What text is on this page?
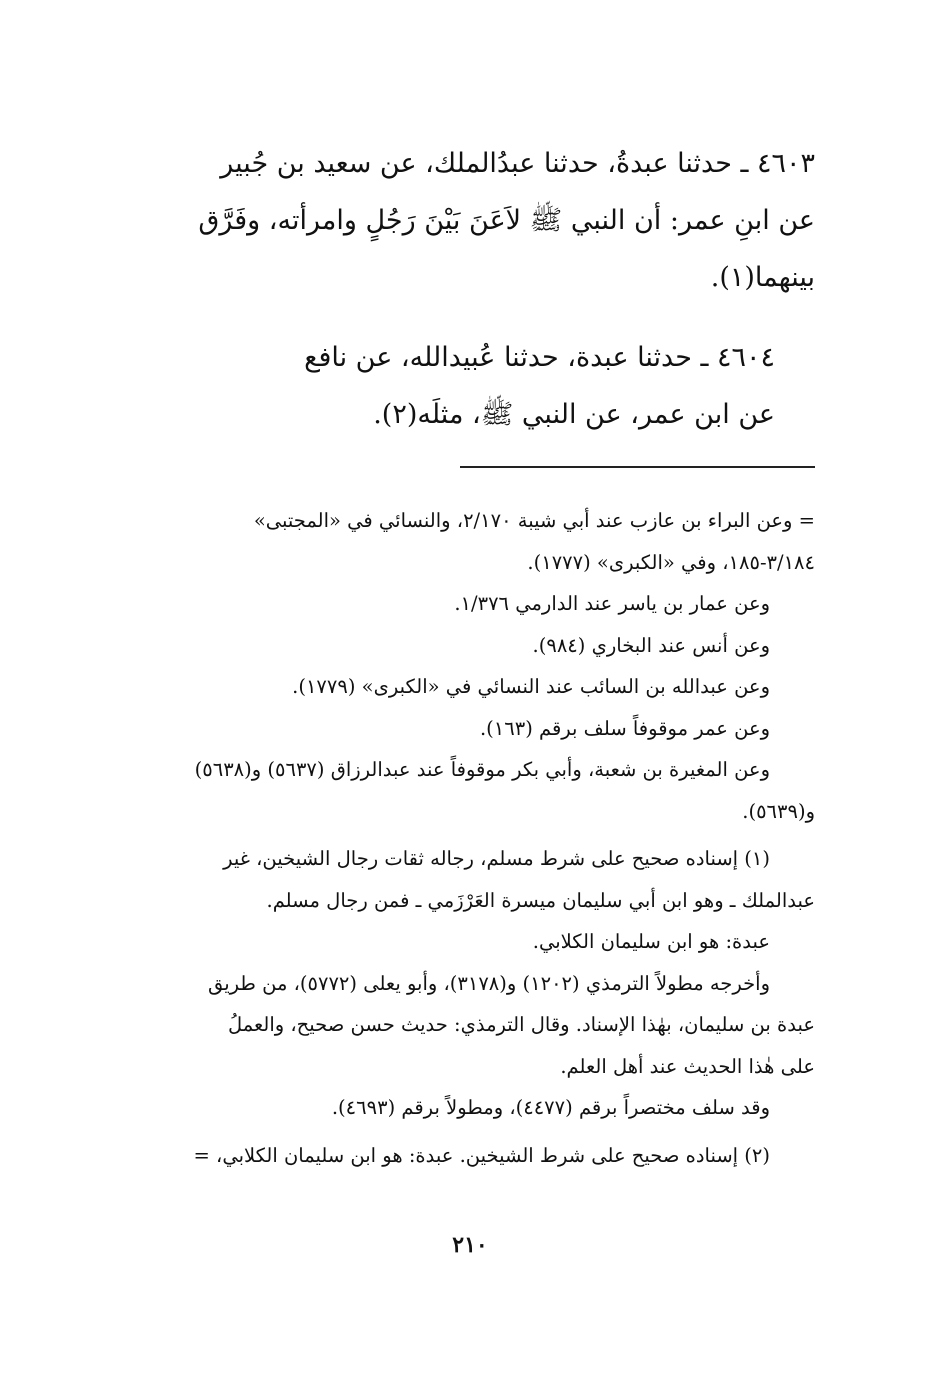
٤٦٠٣ ـ حدثنا عبدةُ، حدثنا عبدُالملك، عن سعيد بن جُبير
عن ابنِ عمر: أن النبي ﷺ لاَعَنَ بَيْنَ رَجُلٍ وامرأته، وفَرَّق
بينهما(١).
٤٦٠٤ ـ حدثنا عبدة، حدثنا عُبيدالله، عن نافع
عن ابن عمر، عن النبي ﷺ، مثلَه(٢).
= وعن البراء بن عازب عند أبي شيبة ٢/١٧٠، والنسائي في «المجتبى»
٣/١٨٤-١٨٥، وفي «الكبرى» (١٧٧٧).
وعن عمار بن ياسر عند الدارمي ١/٣٧٦.
وعن أنس عند البخاري (٩٨٤).
وعن عبدالله بن السائب عند النسائي في «الكبرى» (١٧٧٩).
وعن عمر موقوفاً سلف برقم (١٦٣).
وعن المغيرة بن شعبة، وأبي بكر موقوفاً عند عبدالرزاق (٥٦٣٧) و(٥٦٣٨)
و(٥٦٣٩).
(١) إسناده صحيح على شرط مسلم، رجاله ثقات رجال الشيخين، غير
عبدالملك ـ وهو ابن أبي سليمان ميسرة العَرْزَمي ـ فمن رجال مسلم.
عبدة: هو ابن سليمان الكلابي.
وأخرجه مطولاً الترمذي (١٢٠٢) و(٣١٧٨)، وأبو يعلى (٥٧٧٢)، من طريق
عبدة بن سليمان، بهٰذا الإسناد. وقال الترمذي: حديث حسن صحيح، والعملُ
على هٰذا الحديث عند أهل العلم.
وقد سلف مختصراً برقم (٤٤٧٧)، ومطولاً برقم (٤٦٩٣).
(٢) إسناده صحيح على شرط الشيخين. عبدة: هو ابن سليمان الكلابي، =
٢١٠
